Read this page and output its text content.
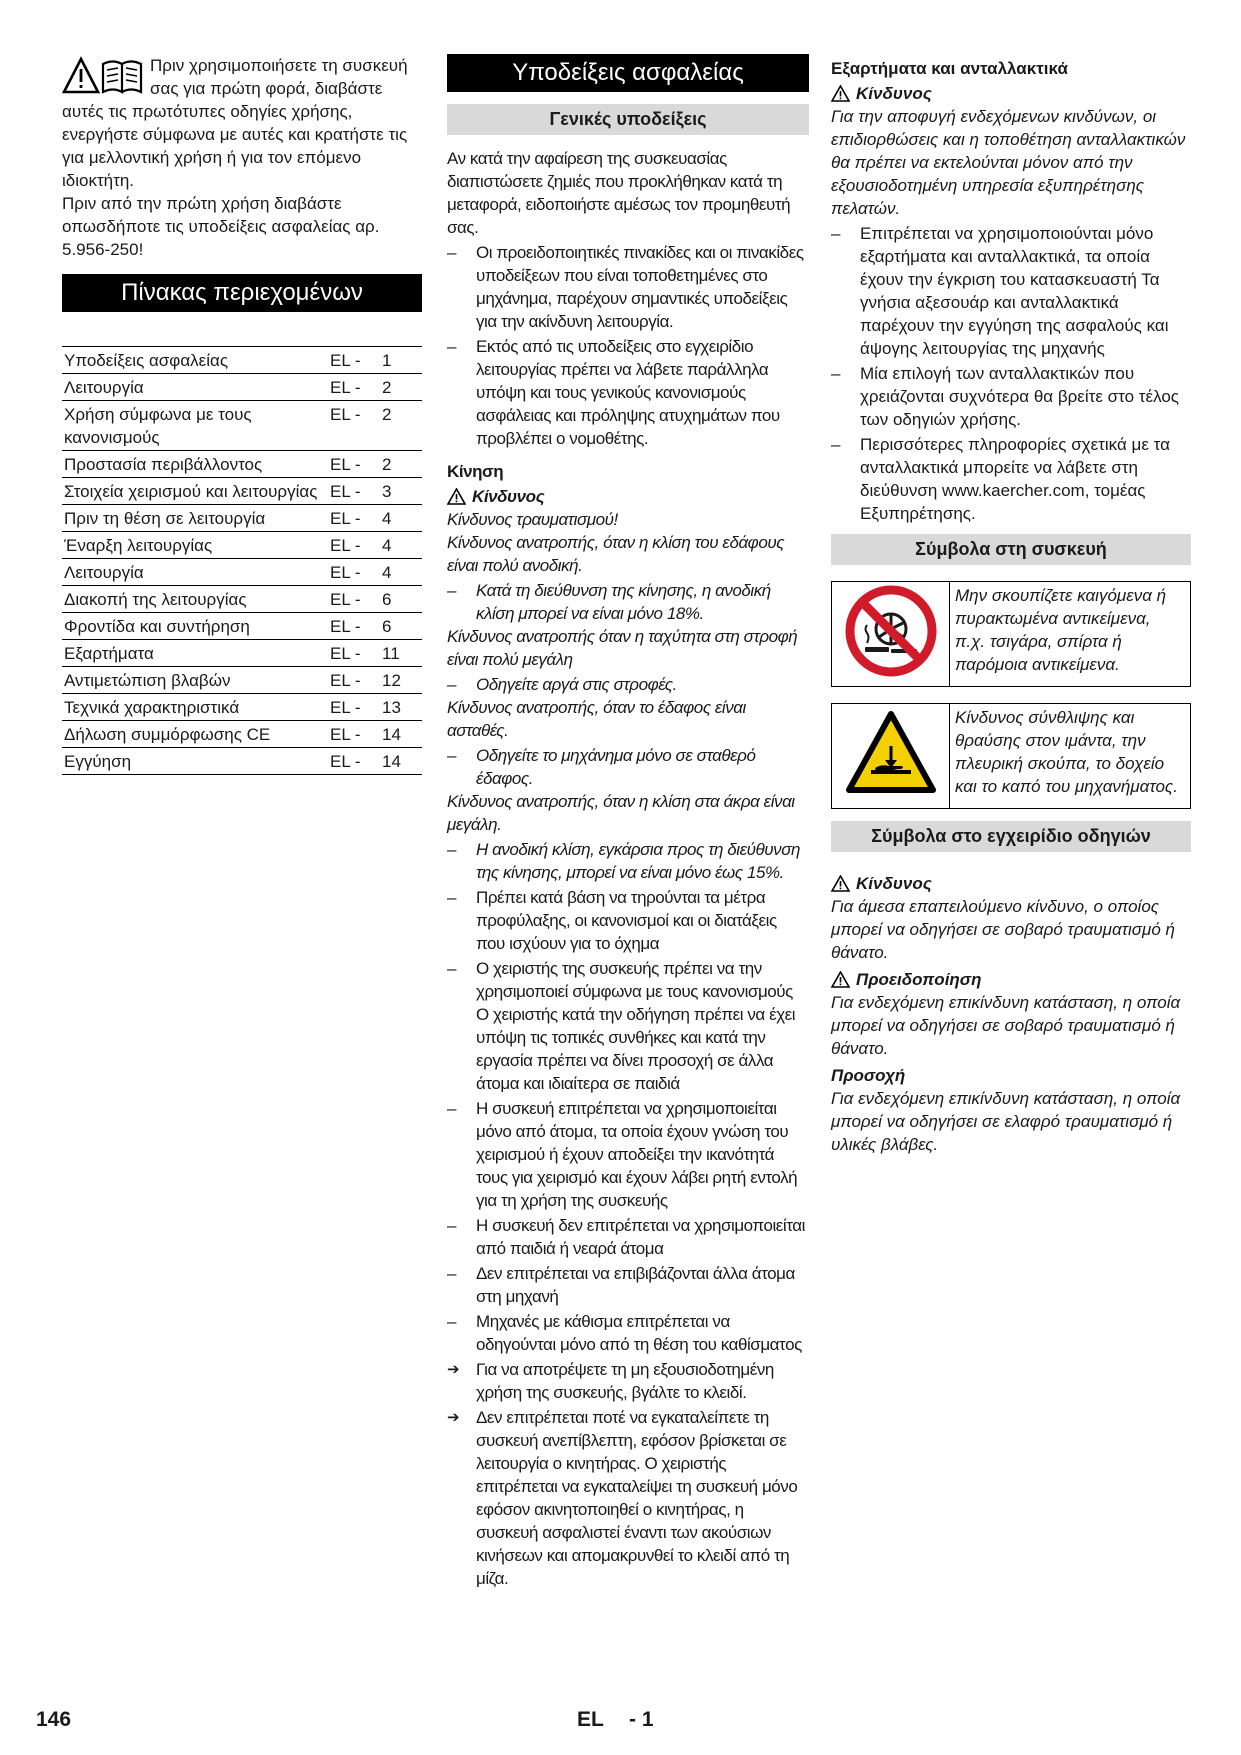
Πριν χρησιμοποιήσετε τη συσκευή σας για πρώτη φορά, διαβάστε αυτές τις πρωτότυπες οδηγίες χρήσης, ενεργήστε σύμφωνα με αυτές και κρατήστε τις για μελλοντική χρήση ή για τον επόμενο ιδιοκτήτη.

Πριν από την πρώτη χρήση διαβάστε οπωσδήποτε τις υποδείξεις ασφαλείας αρ. 5.956-250!

Πίνακας περιεχομένων
Υποδείξεις ασφαλείας	EL -	1
Λειτουργία	EL -	2
Χρήση σύμφωνα με τους κανονισμούς	EL -	2
Προστασία περιβάλλοντος	EL -	2
Στοιχεία χειρισμού και λειτουργίας	EL -	3
Πριν τη θέση σε λειτουργία	EL -	4
Έναρξη λειτουργίας	EL -	4
Λειτουργία	EL -	4
Διακοπή της λειτουργίας	EL -	6
Φροντίδα και συντήρηση	EL -	6
Εξαρτήματα	EL -	11
Αντιμετώπιση βλαβών	EL -	12
Τεχνικά χαρακτηριστικά	EL -	13
Δήλωση συμμόρφωσης CE	EL -	14
Εγγύηση	EL -	14
Υποδείξεις ασφαλείας
Γενικές υποδείξεις

Αν κατά την αφαίρεση της συσκευασίας διαπιστώσετε ζημιές που προκλήθηκαν κατά τη μεταφορά, ειδοποιήστε αμέσως τον προμηθευτή σας.

– Οι προειδοποιητικές πινακίδες και οι πινακίδες υποδείξεων που είναι τοποθετημένες στο μηχάνημα, παρέχουν σημαντικές υποδείξεις για την ακίνδυνη λειτουργία.
– Εκτός από τις υποδείξεις στο εγχειρίδιο λειτουργίας πρέπει να λάβετε παράλληλα υπόψη και τους γενικούς κανονισμούς ασφάλειας και πρόληψης ατυχημάτων που προβλέπει ο νομοθέτης.

Κίνηση

Κίνδυνος

Κίνδυνος τραυματισμού!

Κίνδυνος ανατροπής, όταν η κλίση του εδάφους είναι πολύ ανοδική.

– Κατά τη διεύθυνση της κίνησης, η ανοδική κλίση μπορεί να είναι μόνο 18%.

Κίνδυνος ανατροπής όταν η ταχύτητα στη στροφή είναι πολύ μεγάλη

– Οδηγείτε αργά στις στροφές.

Κίνδυνος ανατροπής, όταν το έδαφος είναι ασταθές.

– Οδηγείτε το μηχάνημα μόνο σε σταθερό έδαφος.

Κίνδυνος ανατροπής, όταν η κλίση στα άκρα είναι μεγάλη.

– Η ανοδική κλίση, εγκάρσια προς τη διεύθυνση της κίνησης, μπορεί να είναι μόνο έως 15%.
– Πρέπει κατά βάση να τηρούνται τα μέτρα προφύλαξης, οι κανονισμοί και οι διατάξεις που ισχύουν για το όχημα
– Ο χειριστής της συσκευής πρέπει να την χρησιμοποιεί σύμφωνα με τους κανονισμούς Ο χειριστής κατά την οδήγηση πρέπει να έχει υπόψη τις τοπικές συνθήκες και κατά την εργασία πρέπει να δίνει προσοχή σε άλλα άτομα και ιδιαίτερα σε παιδιά
– Η συσκευή επιτρέπεται να χρησιμοποιείται μόνο από άτομα, τα οποία έχουν γνώση του χειρισμού ή έχουν αποδείξει την ικανότητά τους για χειρισμό και έχουν λάβει ρητή εντολή για τη χρήση της συσκευής
– Η συσκευή δεν επιτρέπεται να χρησιμοποιείται από παιδιά ή νεαρά άτομα
– Δεν επιτρέπεται να επιβιβάζονται άλλα άτομα στη μηχανή
– Μηχανές με κάθισμα επιτρέπεται να οδηγούνται μόνο από τη θέση του καθίσματος
➔ Για να αποτρέψετε τη μη εξουσιοδοτημένη χρήση της συσκευής, βγάλτε το κλειδί.
➔ Δεν επιτρέπεται ποτέ να εγκαταλείπετε τη συσκευή ανεπίβλεπτη, εφόσον βρίσκεται σε λειτουργία ο κινητήρας. Ο χειριστής επιτρέπεται να εγκαταλείψει τη συσκευή μόνο εφόσον ακινητοποιηθεί ο κινητήρας, η συσκευή ασφαλιστεί έναντι των ακούσιων κινήσεων και απομακρυνθεί το κλειδί από τη μίζα.

Εξαρτήματα και ανταλλακτικά

Κίνδυνος

Για την αποφυγή ενδεχόμενων κινδύνων, οι επιδιορθώσεις και η τοποθέτηση ανταλλακτικών θα πρέπει να εκτελούνται μόνον από την εξουσιοδοτημένη υπηρεσία εξυπηρέτησης πελατών.

– Επιτρέπεται να χρησιμοποιούνται μόνο εξαρτήματα και ανταλλακτικά, τα οποία έχουν την έγκριση του κατασκευαστή Τα γνήσια αξεσουάρ και ανταλλακτικά παρέχουν την εγγύηση της ασφαλούς και άψογης λειτουργίας της μηχανής
– Μία επιλογή των ανταλλακτικών που χρειάζονται συχνότερα θα βρείτε στο τέλος των οδηγιών χρήσης.
– Περισσότερες πληροφορίες σχετικά με τα ανταλλακτικά μπορείτε να λάβετε στη διεύθυνση www.kaercher.com, τομέας Εξυπηρέτησης.
Σύμβολα στη συσκευή
	Μην σκουπίζετε καιγόμενα ή πυρακτωμένα αντικείμενα, π.χ. τσιγάρα, σπίρτα ή παρόμοια αντικείμενα.
	Κίνδυνος σύνθλιψης και θραύσης στον ιμάντα, την πλευρική σκούπα, το δοχείο και το καπό του μηχανήματος.
Σύμβολα στο εγχειρίδιο οδηγιών
Κίνδυνος

Για άμεσα επαπειλούμενο κίνδυνο, ο οποίος μπορεί να οδηγήσει σε σοβαρό τραυματισμό ή θάνατο.

Προειδοποίηση

Για ενδεχόμενη επικίνδυνη κατάσταση, η οποία μπορεί να οδηγήσει σε σοβαρό τραυματισμό ή θάνατο.

Προσοχή

Για ενδεχόμενη επικίνδυνη κατάσταση, η οποία μπορεί να οδηγήσει σε ελαφρό τραυματισμό ή υλικές βλάβες.

146	EL - 1
